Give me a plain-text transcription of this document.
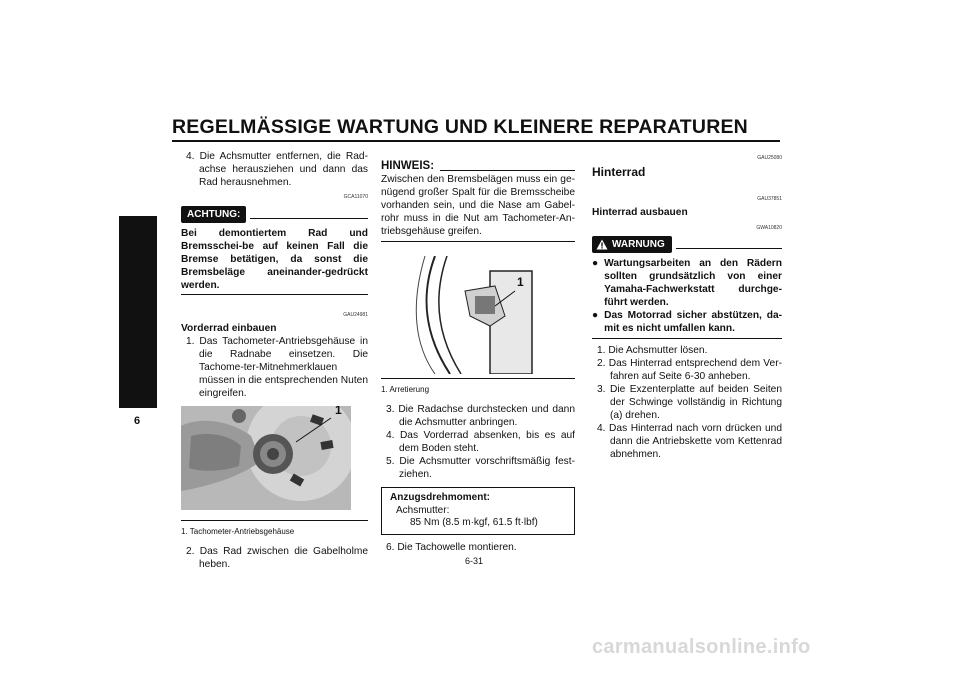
REGELMÄSSIGE WARTUNG UND KLEINERE REPARATUREN
6

4. Die Achsmutter entfernen, die Rad-achse herausziehen und dann das Rad herausnehmen.

GCA11070
ACHTUNG:

Bei demontiertem Rad und Bremsschei-be auf keinen Fall die Bremse betätigen, da sonst die Bremsbeläge aneinander-gedrückt werden.

GAU24981

Vorderrad einbauen

1. Das Tachometer-Antriebsgehäuse in die Radnabe einsetzen. Die Tachome-ter-Mitnehmerklauen müssen in die entsprechenden Nuten eingreifen.

1

1. Tachometer-Antriebsgehäuse

2. Das Rad zwischen die Gabelholme heben.

HINWEIS:

Zwischen den Bremsbelägen muss ein ge-nügend großer Spalt für die Bremsscheibe vorhanden sein, und die Nase am Gabel-rohr muss in die Nut am Tachometer-An-triebsgehäuse greifen.

1

1. Arretierung

3. Die Radachse durchstecken und dann die Achsmutter anbringen.

4. Das Vorderrad absenken, bis es auf dem Boden steht.

5. Die Achsmutter vorschriftsmäßig fest-ziehen.

Anzugsdrehmoment:
Achsmutter:
85 Nm (8.5 m·kgf, 61.5 ft·lbf)

6. Die Tachowelle montieren.

GAU25080

Hinterrad

GAU37851

Hinterrad ausbauen

GWA10820
WARNUNG
● Wartungsarbeiten an den Rädern sollten grundsätzlich von einer Yamaha-Fachwerkstatt durchge-führt werden.
● Das Motorrad sicher abstützen, da-mit es nicht umfallen kann.

1. Die Achsmutter lösen.

2. Das Hinterrad entsprechend dem Ver-fahren auf Seite 6-30 anheben.

3. Die Exzenterplatte auf beiden Seiten der Schwinge vollständig in Richtung (a) drehen.

4. Das Hinterrad nach vorn drücken und dann die Antriebskette vom Kettenrad abnehmen.

6-31
carmanualsonline.info
